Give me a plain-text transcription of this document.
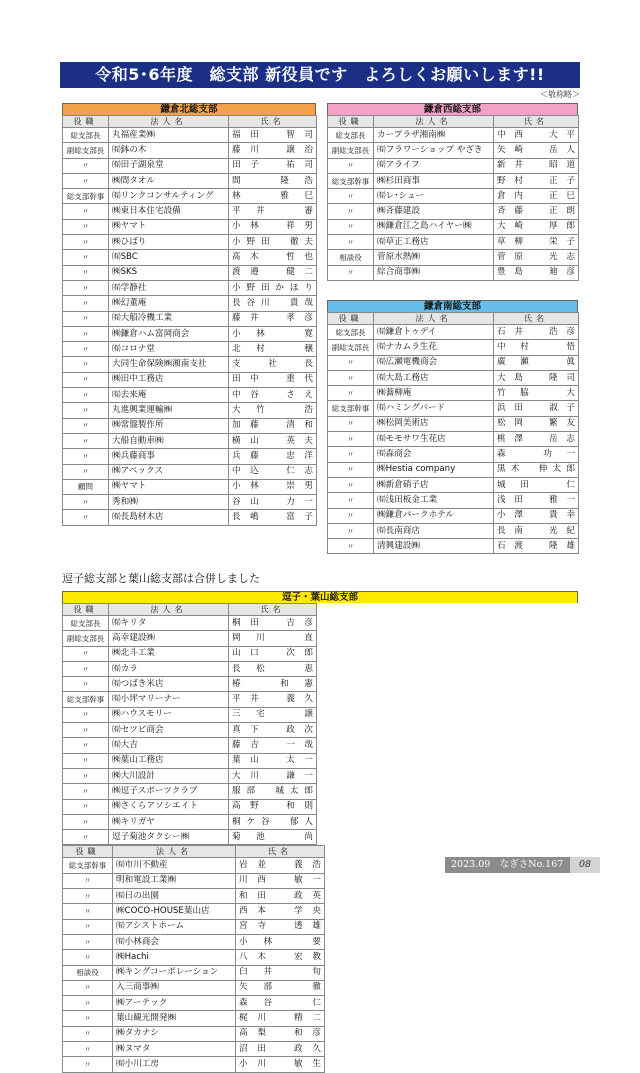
令和5･6年度　総支部 新役員です　よろしくお願いします!!
＜敬称略＞
鎌倉北総支部
役職	法人名	氏名
総支部長	丸福産業㈱	福田　智司
副総支部長	㈲鉢の木	藤川　譲治
〃	㈲田子湖泉堂	田子　祐司
〃	㈱間タオル	間　隆浩
総支部幹事	㈲リンクコンサルティング	林　雅巳
〃	㈱東日本住宅設備	平井　審
〃	㈱ヤマト	小林　祥男
〃	㈱ひばり	小野田　徹夫
〃	㈲SBC	髙木　哲也
〃	㈱SKS	渡邉　健二
〃	㈲学静社	小野田かほり
〃	㈱幻董庵	長谷川　貴哉
〃	㈲大船冷機工業	藤井　孝彦
〃	㈱鎌倉ハム富岡商会	小林　寛
〃	㈲コロナ堂	北村　穣
〃	大同生命保険㈱湘南支社	支　社　長
〃	㈱田中工務店	田中　重代
〃	㈲去来庵	中谷　さえ
〃	丸進興業運輸㈱	大竹　浩
〃	㈱常盤製作所	加藤　清和
〃	大船自動車㈱	横山　英夫
〃	㈱兵藤商事	兵藤　忠洋
〃	㈱アペックス	中込　仁志
顧問	㈱ヤマト	小林　崇男
〃	秀和㈱	谷山　力一
〃	㈲長島材木店	長嶋　富子
鎌倉西総支部
役職	法人名	氏名
総支部長	カープラザ湘南㈱	中西　大平
副総支部長	㈲フラワーショップ やざき	矢崎　岳人
〃	㈲アライフ	新井　昭道
総支部幹事	㈱杉田商事	野村　正子
〃	㈲レ･シュー	倉内　正巳
〃	㈱斉藤建設	斉藤　正朗
〃	㈱鎌倉江之島ハイヤー㈱	大崎　厚郎
〃	㈲草正工務店	草柳　栄子
相談役	菅原水熱㈱	菅原　光志
〃	綜合商事㈱	豊島　廸彦
鎌倉南総支部
役職	法人名	氏名
総支部長	㈲鎌倉トゥデイ	石井　浩彦
副総支部長	㈲ナカムラ生花	中村　悟
〃	㈲広瀬電機商会	廣瀬　眞
〃	㈲大島工務店	大島　隆司
〃	㈱蕎柳庵	竹脇　大
総支部幹事	㈲ハミングバード	浜田　淑子
〃	㈱松岡美術店	松岡　繁友
〃	㈲モモサワ生花店	桃澤　岳志
〃	㈲森商会	森　功一
〃	㈱Hestia company	黒木　伸太郎
〃	㈱新倉硝子店	城田　仁
〃	㈲浅田板金工業	浅田　雅一
〃	㈱鎌倉パークホテル	小澤　貴幸
〃	㈲長南商店	長南　光紀
〃	清興建設㈱	石渡　隆雄
逗子総支部と葉山総支部は合併しました
逗子・葉山総支部
役職	法人名	氏名
総支部長	㈲キリタ	桐田　吉彦
副総支部長	高幸建設㈱	岡川　直
〃	㈱北斗工業	山口　次郎
〃	㈲カラ	長松　恵
〃	㈲つばき米店	椿　和憲
総支部幹事	㈲小坪マリーナー	平井　義久
〃	㈱ハウスモリー	三宅　譲
〃	㈲セツビ商会	真下　政次
〃	㈲大吉	藤吉　一哉
〃	㈱葉山工務店	葉山　太一
〃	㈱大川設計	大川　謙一
〃	㈱逗子スポーツクラブ	服部　城太郎
〃	㈱さくらアソシエイト	高野　和則
〃	㈱キリガヤ	桐ケ谷　郁人
〃	逗子菊池タクシー㈱	菊池　尚
役職	法人名	氏名
総支部幹事	㈲市川不動産	岩並　義浩
〃	明和電設工業㈱	川西　敏一
〃	㈲日の出園	和田　政英
〃	㈱COCO-HOUSE葉山店	西本　学央
〃	㈲アシストホーム	宮寺　透雄
〃	㈲小林商会	小林　要
〃	㈱Hachi	八木　宏教
相談役	㈱キングコーポレーション	臼井　旬
〃	入三商事㈱	矢部　徹
〃	㈱アーテック	森谷　仁
〃	葉山観光開発㈱	梶川　精二
〃	㈱タカナシ	高梨　和彦
〃	㈱ヌマタ	沼田　政久
〃	㈲小川工房	小川　敏生
2023.09　なぎさNo.167	08
